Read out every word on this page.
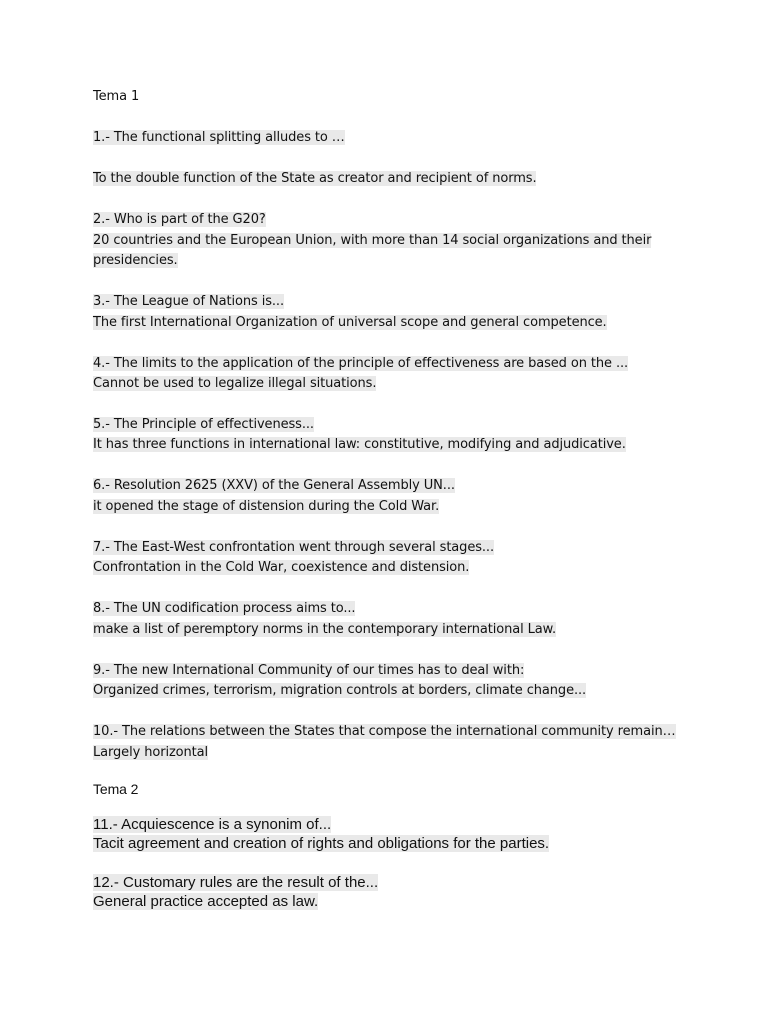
Tema 1
1.- The functional splitting alludes to …
To the double function of the State as creator and recipient of norms.
2.- Who is part of the G20?
20 countries and the European Union, with more than 14 social organizations and their
presidencies.
3.- The League of Nations is...
The first International Organization of universal scope and general competence.
4.- The limits to the application of the principle of effectiveness are based on the ...
Cannot be used to legalize illegal situations.
5.- The Principle of effectiveness...
It has three functions in international law: constitutive, modifying and adjudicative.
6.- Resolution 2625 (XXV) of the General Assembly UN...
it opened the stage of distension during the Cold War.
7.- The East-West confrontation went through several stages...
Confrontation in the Cold War, coexistence and distension.
8.- The UN codification process aims to...
make a list of peremptory norms in the contemporary international Law.
9.- The new International Community of our times has to deal with:
Organized crimes, terrorism, migration controls at borders, climate change...
10.- The relations between the States that compose the international community remain…
Largely horizontal
Tema 2
11.- Acquiescence is a synonim of...
Tacit agreement and creation of rights and obligations for the parties.
12.- Customary rules are the result of the...
General practice accepted as law.
